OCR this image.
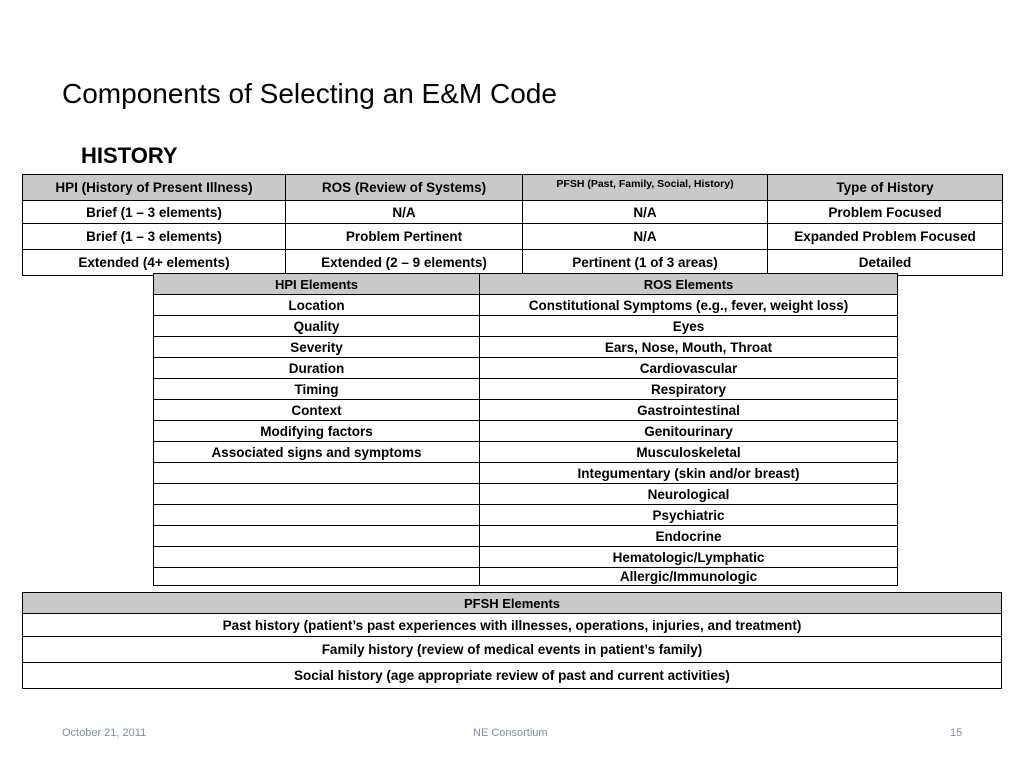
Components of Selecting an E&M Code
HISTORY
HPI (History of Present Illness)	ROS (Review of Systems)	PFSH (Past, Family, Social, History)	Type of History
Brief (1 – 3 elements)	N/A	N/A	Problem Focused
Brief (1 – 3 elements)	Problem Pertinent	N/A	Expanded Problem Focused
Extended (4+ elements)	Extended (2 – 9 elements)	Pertinent (1 of 3 areas)	Detailed
HPI Elements	ROS Elements
Location	Constitutional Symptoms (e.g., fever, weight loss)
Quality	Eyes
Severity	Ears, Nose, Mouth, Throat
Duration	Cardiovascular
Timing	Respiratory
Context	Gastrointestinal
Modifying factors	Genitourinary
Associated signs and symptoms	Musculoskeletal
	Integumentary (skin and/or breast)
	Neurological
	Psychiatric
	Endocrine
	Hematologic/Lymphatic
	Allergic/Immunologic
PFSH Elements
Past history (patient’s past experiences with illnesses, operations, injuries, and treatment)
Family history (review of medical events in patient’s family)
Social history (age appropriate review of past and current activities)
October 21, 2011	NE Consortium	15
